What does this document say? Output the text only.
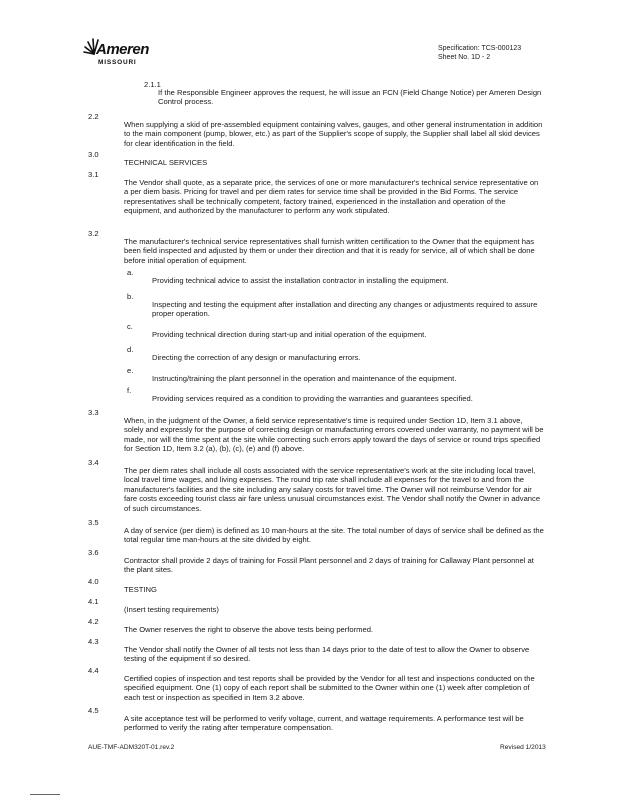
Ameren
MISSOURI
Specification: TCS-000123
Sheet No. 1D - 2
2.1.1

If the Responsible Engineer approves the request, he will issue an FCN (Field Change Notice) per Ameren Design Control process.

2.2

When supplying a skid of pre-assembled equipment containing valves, gauges, and other general instrumentation in addition to the main component (pump, blower, etc.) as part of the Supplier's scope of supply, the Supplier shall label all skid devices for clear identification in the field.

3.0

TECHNICAL SERVICES

3.1

The Vendor shall quote, as a separate price, the services of one or more manufacturer's technical service representative on a per diem basis. Pricing for travel and per diem rates for service time shall be provided in the Bid Forms. The service representatives shall be technically competent, factory trained, experienced in the installation and operation of the equipment, and authorized by the manufacturer to perform any work stipulated.

3.2

The manufacturer's technical service representatives shall furnish written certification to the Owner that the equipment has been field inspected and adjusted by them or under their direction and that it is ready for service, all of which shall be done before initial operation of equipment.

a.

Providing technical advice to assist the installation contractor in installing the equipment.

b.

Inspecting and testing the equipment after installation and directing any changes or adjustments required to assure proper operation.

c.

Providing technical direction during start-up and initial operation of the equipment.

d.

Directing the correction of any design or manufacturing errors.

e.

Instructing/training the plant personnel in the operation and maintenance of the equipment.

f.

Providing services required as a condition to providing the warranties and guarantees specified.

3.3

When, in the judgment of the Owner, a field service representative's time is required under Section 1D, Item 3.1 above, solely and expressly for the purpose of correcting design or manufacturing errors covered under warranty, no payment will be made, nor will the time spent at the site while correcting such errors apply toward the days of service or round trips specified for Section 1D, Item 3.2 (a), (b), (c), (e) and (f) above.

3.4

The per diem rates shall include all costs associated with the service representative's work at the site including local travel, local travel time wages, and living expenses. The round trip rate shall include all expenses for the travel to and from the manufacturer's facilities and the site including any salary costs for travel time. The Owner will not reimburse Vendor for air fare costs exceeding tourist class air fare unless unusual circumstances exist. The Vendor shall notify the Owner in advance of such circumstances.

3.5

A day of service (per diem) is defined as 10 man-hours at the site. The total number of days of service shall be defined as the total regular time man-hours at the site divided by eight.

3.6

Contractor shall provide 2 days of training for Fossil Plant personnel and 2 days of training for Callaway Plant personnel at the plant sites.

4.0

TESTING

4.1

(Insert testing requirements)

4.2

The Owner reserves the right to observe the above tests being performed.

4.3

The Vendor shall notify the Owner of all tests not less than 14 days prior to the date of test to allow the Owner to observe testing of the equipment if so desired.

4.4

Certified copies of inspection and test reports shall be provided by the Vendor for all test and inspections conducted on the specified equipment. One (1) copy of each report shall be submitted to the Owner within one (1) week after completion of each test or inspection as specified in Item 3.2 above.

4.5

A site acceptance test will be performed to verify voltage, current, and wattage requirements. A performance test will be performed to verify the rating after temperature compensation.

AUE-TMF-ADM320T-01.rev.2	Revised 1/2013
